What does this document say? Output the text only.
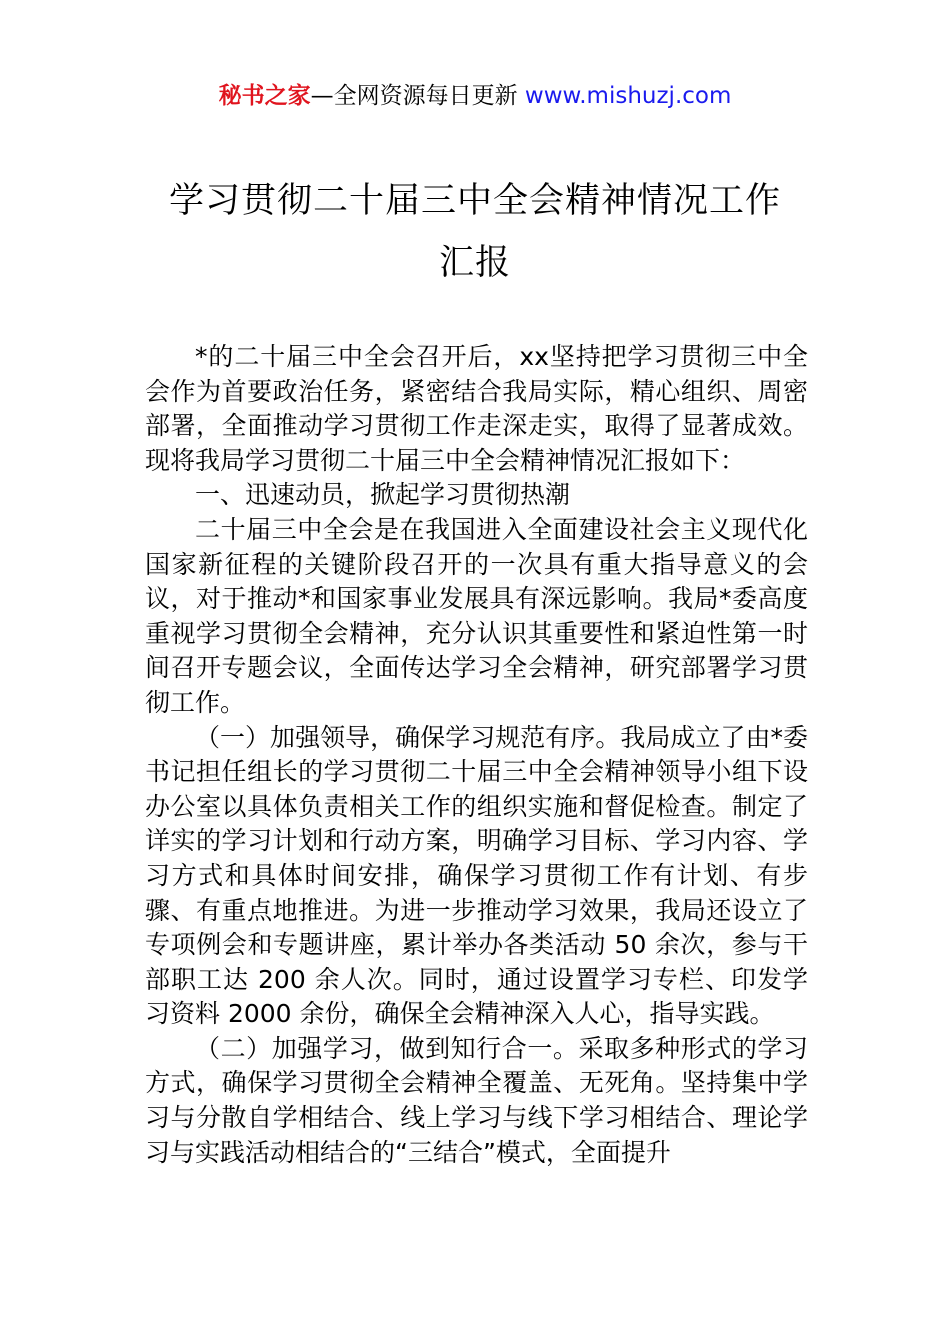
秘书之家—全网资源每日更新 www.mishuzj.com
学习贯彻二十届三中全会精神情况工作
汇报

*的二十届三中全会召开后，xx坚持把学习贯彻三中全会作为首要政治任务，紧密结合我局实际，精心组织、周密部署，全面推动学习贯彻工作走深走实，取得了显著成效。现将我局学习贯彻二十届三中全会精神情况汇报如下：

一、迅速动员，掀起学习贯彻热潮

二十届三中全会是在我国进入全面建设社会主义现代化国家新征程的关键阶段召开的一次具有重大指导意义的会议，对于推动*和国家事业发展具有深远影响。我局*委高度重视学习贯彻全会精神，充分认识其重要性和紧迫性第一时间召开专题会议，全面传达学习全会精神，研究部署学习贯彻工作。

（一）加强领导，确保学习规范有序。我局成立了由*委书记担任组长的学习贯彻二十届三中全会精神领导小组下设办公室以具体负责相关工作的组织实施和督促检查。制定了详实的学习计划和行动方案，明确学习目标、学习内容、学习方式和具体时间安排，确保学习贯彻工作有计划、有步骤、有重点地推进。为进一步推动学习效果，我局还设立了专项例会和专题讲座，累计举办各类活动 50 余次，参与干部职工达 200 余人次。同时，通过设置学习专栏、印发学习资料 2000 余份，确保全会精神深入人心，指导实践。

（二）加强学习，做到知行合一。采取多种形式的学习方式，确保学习贯彻全会精神全覆盖、无死角。坚持集中学习与分散自学相结合、线上学习与线下学习相结合、理论学习与实践活动相结合的“三结合”模式，全面提升
